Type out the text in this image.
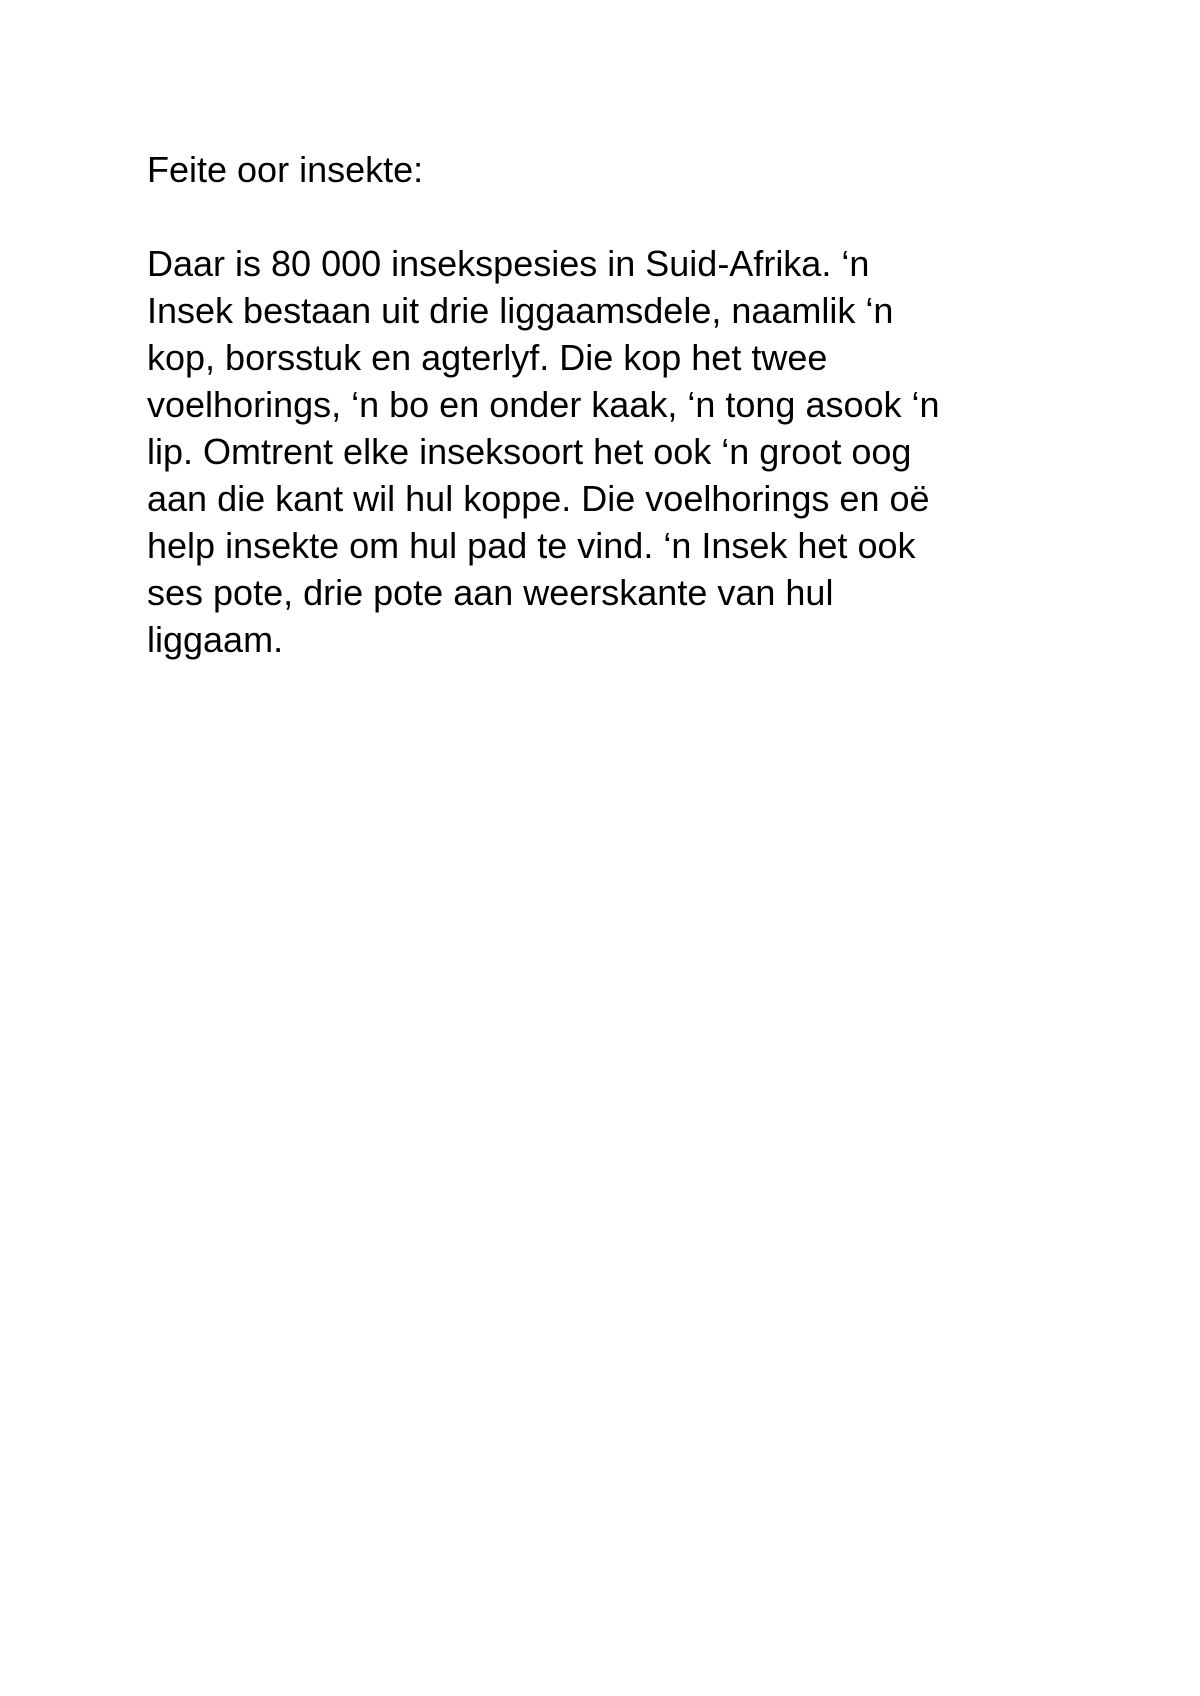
Feite oor insekte:

Daar is 80 000 insekspesies in Suid-Afrika. ‘n
Insek bestaan uit drie liggaamsdele, naamlik ‘n
kop, borsstuk en agterlyf. Die kop het twee
voelhorings, ‘n bo en onder kaak, ‘n tong asook ‘n
lip. Omtrent elke inseksoort het ook ‘n groot oog
aan die kant wil hul koppe. Die voelhorings en oë
help insekte om hul pad te vind. ‘n Insek het ook
ses pote, drie pote aan weerskante van hul
liggaam.
